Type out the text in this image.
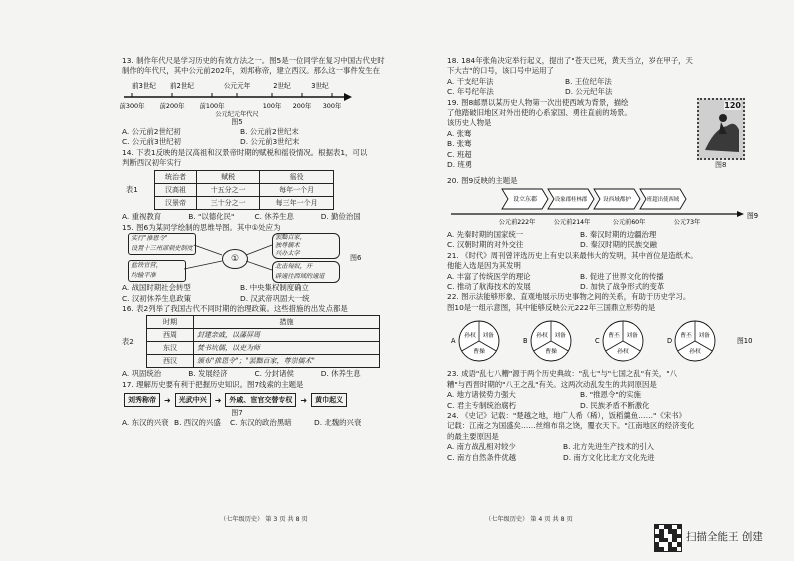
13. 制作年代尺是学习历史的有效方法之一。图5是一位同学在复习中国古代史时

制作的年代尺，其中公元前202年，刘邦称帝，建立西汉。那么这一事件发生在

前3世纪 前2世纪	公元元年	2世纪	3世纪
前300年 前200年 前100年	100年 200年 300年
公元纪元年代尺
图5
A. 公元前2世纪初	B. 公元前2世纪末
C. 公元前3世纪初	D. 公元前3世纪末

14. 下表1反映的是汉高祖和汉景帝时期的赋税和徭役情况。根据表1，可以

判断西汉初年实行

表1
统治者	赋税	徭役
汉高祖	十五分之一	每年一个月
汉景帝	三十分之一	每三年一个月
A. 重视教育	B. "以德化民"	C. 休养生息	D. 勤俭治国

15. 图6为某同学绘制的思维导图。其中①处应为

实行"推恩令"
设置十三州部刺史制度
盐铁官营，
均输平准
①
罢黜百家，
独尊儒术
兴办太学
北击匈奴，开
辟通往西域的通道
图6
A. 战国时期社会转型	B. 中央集权制度确立
C. 汉初休养生息政策	D. 汉武帝巩固大一统

16. 表2列举了我国古代不同时期的治理政策。这些措施的出发点都是

表2
时期	措施
西周	封建亲戚，以藩屏周
东汉	焚书坑儒，以吏为师
西汉	颁布"推恩令"；"罢黜百家，尊崇儒术"
A. 巩固统治	B. 发展经济	C. 分封诸侯	D. 休养生息

17. 理解历史要有利于把握历史知识。图7线索的主题是

刘秀称帝	➜	光武中兴	➜	外戚、宦官交替专权	➜	黄巾起义
图7
A. 东汉的兴衰 B. 西汉的兴盛	C. 东汉的政治黑暗	D. 北魏的兴衰
（七年级历史） 第 3 页 共 8 页

18. 184年张角决定举行起义，提出了"苍天已死，黄天当立，岁在甲子，天

下大吉"的口号，该口号中运用了

A. 干支纪年法	B. 王位纪年法
C. 年号纪年法	D. 公元纪年法

19. 图8邮票以某历史人物第一次出使西域为背景，描绘

了他踏破旧地区对外出使的心系家国、勇往直前的场景。

该历史人物是

A. 张骞

B. 张骞

C. 班超

D. 班勇

120
图8

20. 图9反映的主题是

设立东郡	设象郡桂林郡	设西域都护	班超出使西域
公元前222年	公元前214年	公元前60年	公元73年
图9
A. 先秦时期的国家统一	B. 秦汉时期的边疆治理
C. 汉朝时期的对外交往	D. 秦汉时期的民族交融

21. 《时代》周刊曾评选历史上有史以来最伟大的发明，其中首位是造纸术。

他能入选是因为其发明

A. 丰富了传统医学的理论	B. 促进了世界文化的传播
C. 推动了航海技术的发展	D. 加快了战争形式的变革

22. 图示法能够形象、直观地展示历史事物之间的关系，有助于历史学习。

图10是一组示意图，其中能够反映公元222年三国鼎立形势的是

孙权 刘备
曹操
A
孙权 刘备
曹操
B
曹丕 刘备
孙权
C
曹丕 刘备
孙权
D	图10

23. 成语"乱七八糟"源于两个历史典故："乱七"与"七国之乱"有关，"八

糟"与西晋时期的"八王之乱"有关。这两次动乱发生的共同原因是

A. 地方诸侯势力强大	B. "推恩令"的实施
C. 君主专制统治腐朽	D. 民族矛盾不断激化

24. 《史记》记载："楚越之地，地广人希（稀），饭稻羹鱼……"《宋书》

记载：江南之为国盛矣……丝绵布帛之饶，覆衣天下。"江南地区的经济变化

的最主要原因是

A. 南方战乱相对较少	B. 北方先进生产技术的引入
C. 南方自然条件优越	D. 南方文化比北方文化先进
（七年级历史） 第 4 页 共 8 页
扫描全能王 创建
